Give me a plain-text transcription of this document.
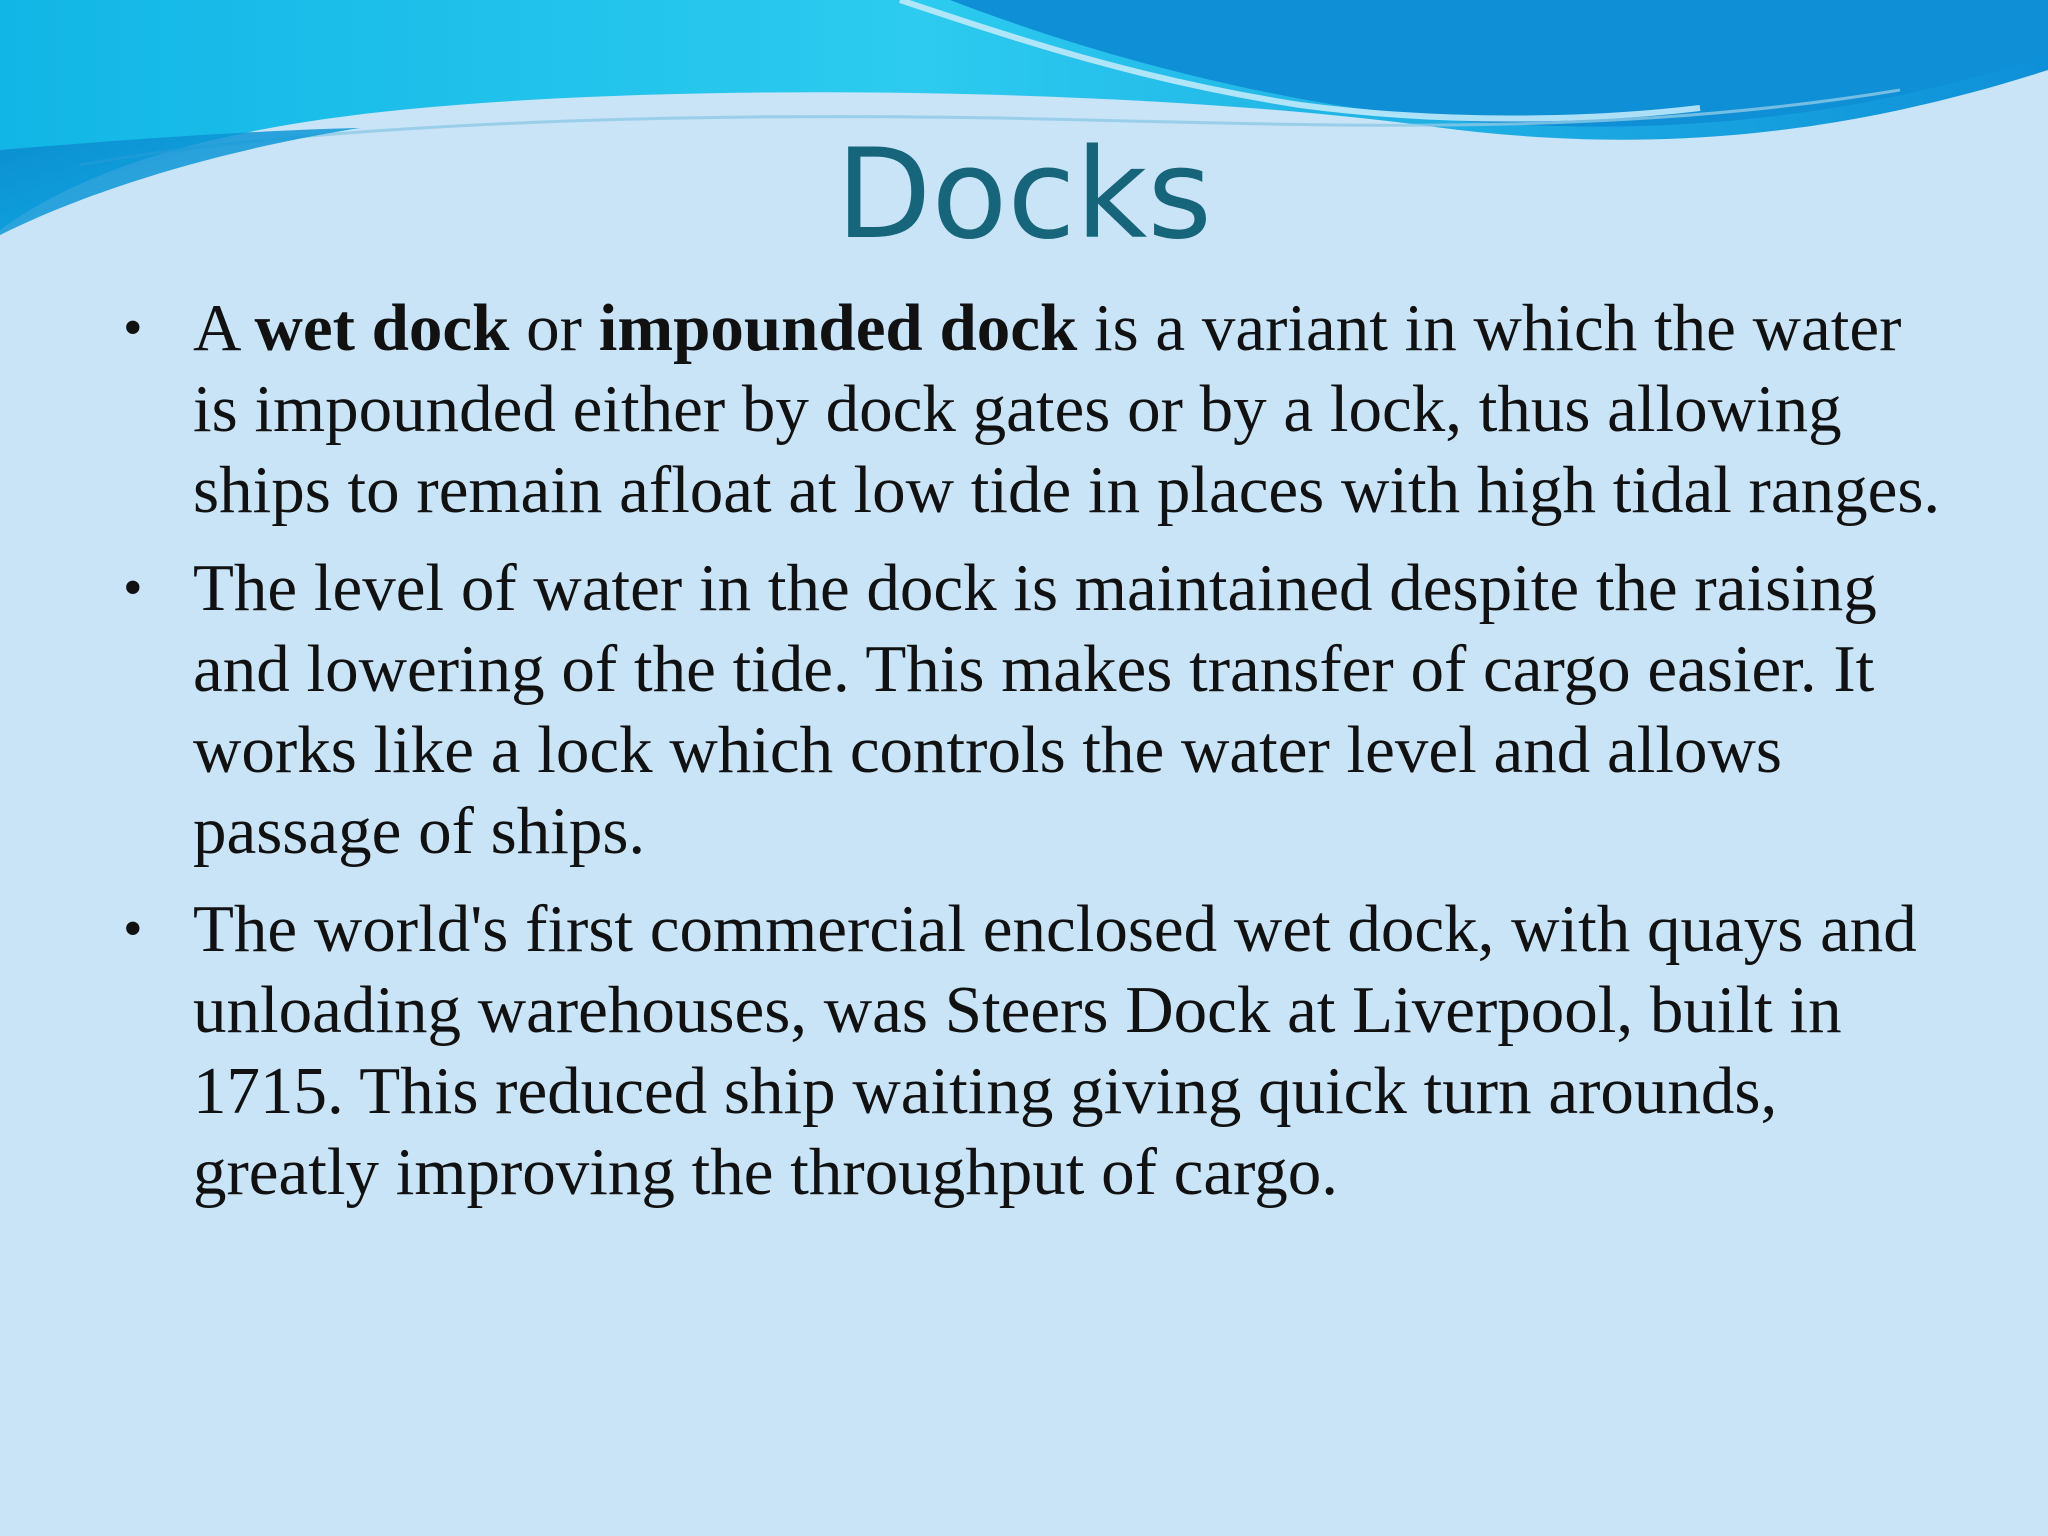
Docks
• A wet dock or impounded dock is a variant in which the water is impounded either by dock gates or by a lock, thus allowing ships to remain afloat at low tide in places with high tidal ranges.
• The level of water in the dock is maintained despite the raising and lowering of the tide. This makes transfer of cargo easier. It works like a lock which controls the water level and allows passage of ships.
• The world's first commercial enclosed wet dock, with quays and unloading warehouses, was Steers Dock at Liverpool, built in 1715. This reduced ship waiting giving quick turn arounds, greatly improving the throughput of cargo.
